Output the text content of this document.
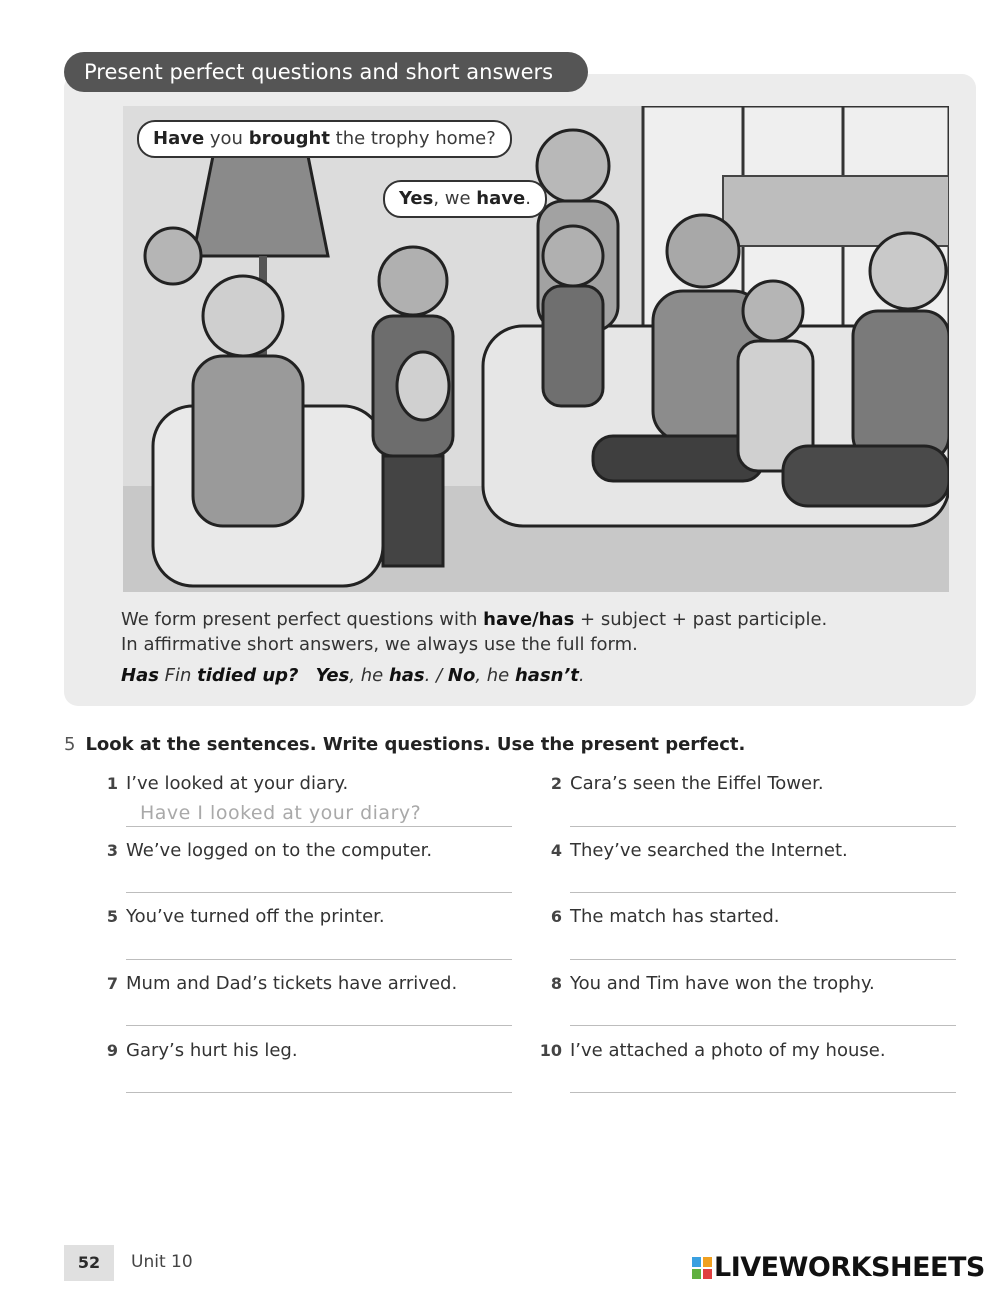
Present perfect questions and short answers
Have you brought the trophy home?
Yes, we have.
We form present perfect questions with have/has + subject + past participle.
In affirmative short answers, we always use the full form.
Has Fin tidied up? Yes, he has. / No, he hasn’t.
5 Look at the sentences. Write questions. Use the present perfect.
1 I’ve looked at your diary.
Have I looked at your diary?
2 Cara’s seen the Eiffel Tower.
3 We’ve logged on to the computer.	4 They’ve searched the Internet.
5 You’ve turned off the printer.	6 The match has started.
7 Mum and Dad’s tickets have arrived.	8 You and Tim have won the trophy.
9 Gary’s hurt his leg.	10 I’ve attached a photo of my house.
52	Unit 10	LIVEWORKSHEETS
